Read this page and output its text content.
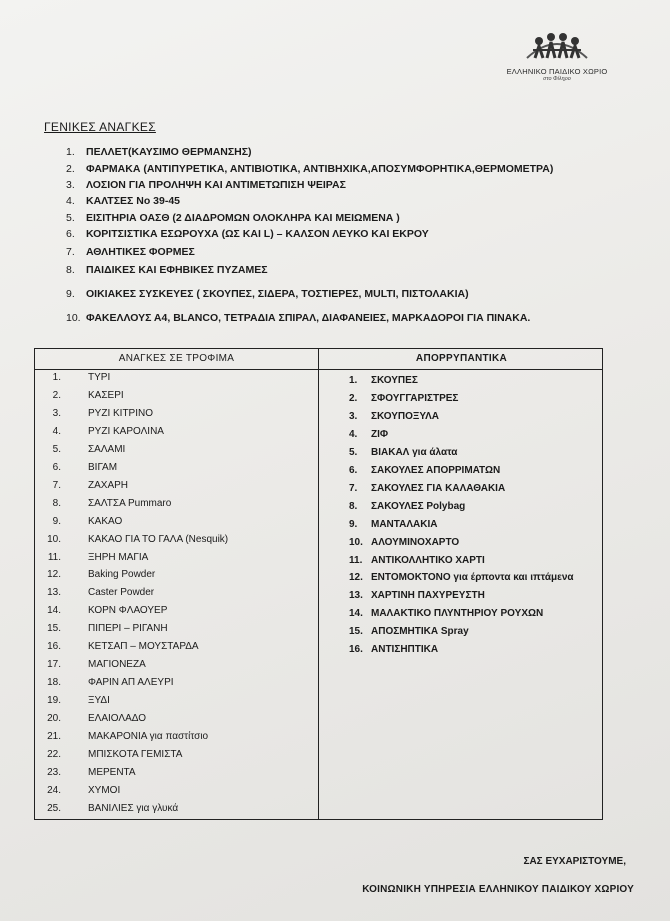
ΕΛΛΗΝΙΚΟ ΠΑΙΔΙΚΟ ΧΩΡΙΟ
στο Φίληρο
ΓΕΝΙΚΕΣ ΑΝΑΓΚΕΣ
1. ΠΕΛΛΕΤ(ΚΑΥΣΙΜΟ ΘΕΡΜΑΝΣΗΣ)
2. ΦΑΡΜΑΚΑ (ΑΝΤΙΠΥΡΕΤΙΚΑ, ΑΝΤΙΒΙΟΤΙΚΑ, ΑΝΤΙΒΗΧΙΚΑ,ΑΠΟΣΥΜΦΟΡΗΤΙΚΑ,ΘΕΡΜΟΜΕΤΡΑ)
3. ΛΟΣΙΟΝ ΓΙΑ ΠΡΟΛΗΨΗ ΚΑΙ ΑΝΤΙΜΕΤΩΠΙΣΗ ΨΕΙΡΑΣ
4. ΚΑΛΤΣΕΣ Νο 39-45
5. ΕΙΣΙΤΗΡΙΑ ΟΑΣΘ (2 ΔΙΑΔΡΟΜΩΝ ΟΛΟΚΛΗΡΑ ΚΑΙ ΜΕΙΩΜΕΝΑ )
6. ΚΟΡΙΤΣΙΣΤΙΚΑ ΕΣΩΡΟΥΧΑ (ΩΣ ΚΑΙ L) – ΚΑΛΣΟΝ ΛΕΥΚΟ ΚΑΙ ΕΚΡΟΥ
7. ΑΘΛΗΤΙΚΕΣ ΦΟΡΜΕΣ
8. ΠΑΙΔΙΚΕΣ ΚΑΙ ΕΦΗΒΙΚΕΣ ΠΥΖΑΜΕΣ
9. ΟΙΚΙΑΚΕΣ ΣΥΣΚΕΥΕΣ ( ΣΚΟΥΠΕΣ, ΣΙΔΕΡΑ, ΤΟΣΤΙΕΡΕΣ, MULTI, ΠΙΣΤΟΛΑΚΙΑ)
10. ΦΑΚΕΛΛΟΥΣ Α4, BLANCO, ΤΕΤΡΑΔΙΑ ΣΠΙΡΑΛ, ΔΙΑΦΑΝΕΙΕΣ, ΜΑΡΚΑΔΟΡΟΙ ΓΙΑ ΠΙΝΑΚΑ.
ΑΝΑΓΚΕΣ ΣΕ ΤΡΟΦΙΜΑ	ΑΠΟΡΡΥΠΑΝΤΙΚΑ
1.	ΤΥΡΙ
2.	ΚΑΣΕΡΙ
3.	ΡΥΖΙ ΚΙΤΡΙΝΟ
4.	ΡΥΖΙ ΚΑΡΟΛΙΝΑ
5.	ΣΑΛΑΜΙ
6.	ΒΙΓΑΜ
7.	ΖΑΧΑΡΗ
8.	ΣΑΛΤΣΑ Pummaro
9.	ΚΑΚΑΟ
10.	ΚΑΚΑΟ ΓΙΑ ΤΟ ΓΑΛΑ (Nesquik)
11.	ΞΗΡΗ ΜΑΓΙΑ
12.	Baking Powder
13.	Caster Powder
14.	ΚΟΡΝ ΦΛΑΟΥΕΡ
15.	ΠΙΠΕΡΙ – ΡΙΓΑΝΗ
16.	ΚΕΤΣΑΠ – ΜΟΥΣΤΑΡΔΑ
17.	ΜΑΓΙΟΝΕΖΑ
18.	ΦΑΡΙΝ ΑΠ ΑΛΕΥΡΙ
19.	ΞΥΔΙ
20.	ΕΛΑΙΟΛΑΔΟ
21.	ΜΑΚΑΡΟΝΙΑ για παστίτσιο
22.	ΜΠΙΣΚΟΤΑ ΓΕΜΙΣΤΑ
23.	ΜΕΡΕΝΤΑ
24.	ΧΥΜΟΙ
25.	ΒΑΝΙΛΙΕΣ για γλυκά
1. ΣΚΟΥΠΕΣ
2. ΣΦΟΥΓΓΑΡΙΣΤΡΕΣ
3. ΣΚΟΥΠΟΞΥΛΑ
4. ΖΙΦ
5. ΒΙΑΚΑΛ για άλατα
6. ΣΑΚΟΥΛΕΣ ΑΠΟΡΡΙΜΑΤΩΝ
7. ΣΑΚΟΥΛΕΣ ΓΙΑ ΚΑΛΑΘΑΚΙΑ
8. ΣΑΚΟΥΛΕΣ Polybag
9. ΜΑΝΤΑΛΑΚΙΑ
10. ΑΛΟΥΜΙΝΟΧΑΡΤΟ
11. ΑΝΤΙΚΟΛΛΗΤΙΚΟ ΧΑΡΤΙ
12. ΕΝΤΟΜΟΚΤΟΝΟ για έρποντα και ιπτάμενα
13. ΧΑΡΤΙΝΗ ΠΑΧΥΡΕΥΣΤΗ
14. ΜΑΛΑΚΤΙΚΟ ΠΛΥΝΤΗΡΙΟΥ ΡΟΥΧΩΝ
15. ΑΠΟΣΜΗΤΙΚΑ Spray
16. ΑΝΤΙΣΗΠΤΙΚΑ
ΣΑΣ ΕΥΧΑΡΙΣΤΟΥΜΕ,
ΚΟΙΝΩΝΙΚΗ ΥΠΗΡΕΣΙΑ ΕΛΛΗΝΙΚΟΥ ΠΑΙΔΙΚΟΥ ΧΩΡΙΟΥ
